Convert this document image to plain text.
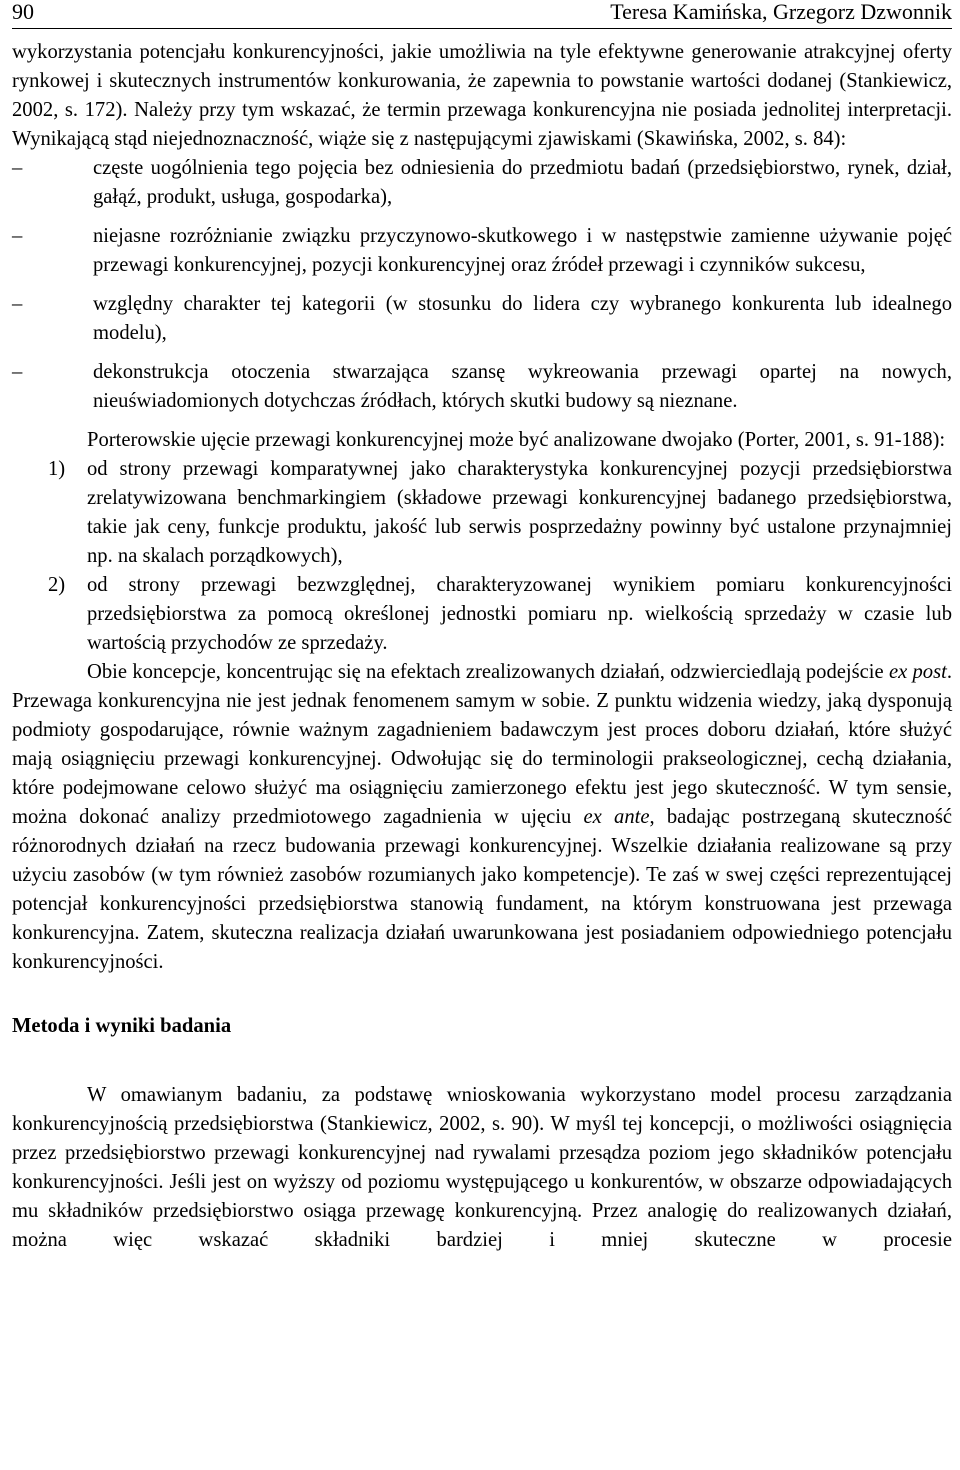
90	Teresa Kamińska, Grzegorz Dzwonnik

wykorzystania potencjału konkurencyjności, jakie umożliwia na tyle efektywne generowanie atrakcyjnej oferty rynkowej i skutecznych instrumentów konkurowania, że zapewnia to powstanie wartości dodanej (Stankiewicz, 2002, s. 172). Należy przy tym wskazać, że termin przewaga konkurencyjna nie posiada jednolitej interpretacji. Wynikającą stąd niejednoznaczność, wiąże się z następującymi zjawiskami (Skawińska, 2002, s. 84):

–	częste uogólnienia tego pojęcia bez odniesienia do przedmiotu badań (przedsiębiorstwo, rynek, dział, gałąź, produkt, usługa, gospodarka),
–	niejasne rozróżnianie związku przyczynowo-skutkowego i w następstwie zamienne używanie pojęć przewagi konkurencyjnej, pozycji konkurencyjnej oraz źródeł przewagi i czynników sukcesu,
–	względny charakter tej kategorii (w stosunku do lidera czy wybranego konkurenta lub idealnego modelu),
–	dekonstrukcja otoczenia stwarzająca szansę wykreowania przewagi opartej na nowych, nieuświadomionych dotychczas źródłach, których skutki budowy są nieznane.

Porterowskie ujęcie przewagi konkurencyjnej może być analizowane dwojako (Porter, 2001, s. 91-188):

1) od strony przewagi komparatywnej jako charakterystyka konkurencyjnej pozycji przedsiębiorstwa zrelatywizowana benchmarkingiem (składowe przewagi konkurencyjnej badanego przedsiębiorstwa, takie jak ceny, funkcje produktu, jakość lub serwis posprzedażny powinny być ustalone przynajmniej np. na skalach porządkowych),
2) od strony przewagi bezwzględnej, charakteryzowanej wynikiem pomiaru konkurencyjności przedsiębiorstwa za pomocą określonej jednostki pomiaru np. wielkością sprzedaży w czasie lub wartością przychodów ze sprzedaży.

Obie koncepcje, koncentrując się na efektach zrealizowanych działań, odzwierciedlają podejście ex post. Przewaga konkurencyjna nie jest jednak fenomenem samym w sobie. Z punktu widzenia wiedzy, jaką dysponują podmioty gospodarujące, równie ważnym zagadnieniem badawczym jest proces doboru działań, które służyć mają osiągnięciu przewagi konkurencyjnej. Odwołując się do terminologii prakseologicznej, cechą działania, które podejmowane celowo służyć ma osiągnięciu zamierzonego efektu jest jego skuteczność. W tym sensie, można dokonać analizy przedmiotowego zagadnienia w ujęciu ex ante, badając postrzeganą skuteczność różnorodnych działań na rzecz budowania przewagi konkurencyjnej. Wszelkie działania realizowane są przy użyciu zasobów (w tym również zasobów rozumianych jako kompetencje). Te zaś w swej części reprezentującej potencjał konkurencyjności przedsiębiorstwa stanowią fundament, na którym konstruowana jest przewaga konkurencyjna. Zatem, skuteczna realizacja działań uwarunkowana jest posiadaniem odpowiedniego potencjału konkurencyjności.

Metoda i wyniki badania

W omawianym badaniu, za podstawę wnioskowania wykorzystano model procesu zarządzania konkurencyjnością przedsiębiorstwa (Stankiewicz, 2002, s. 90). W myśl tej koncepcji, o możliwości osiągnięcia przez przedsiębiorstwo przewagi konkurencyjnej nad rywalami przesądza poziom jego składników potencjału konkurencyjności. Jeśli jest on wyższy od poziomu występującego u konkurentów, w obszarze odpowiadających mu składników przedsiębiorstwo osiąga przewagę konkurencyjną. Przez analogię do realizowanych działań, można więc wskazać składniki bardziej i mniej skuteczne w procesie
